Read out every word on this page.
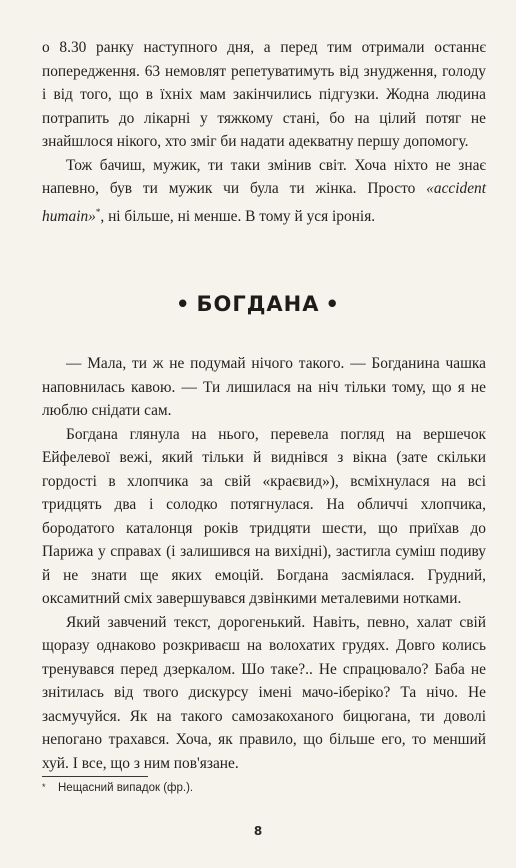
о 8.30 ранку наступного дня, а перед тим отримали останнє попередження. 63 немовлят репетуватимуть від знудження, голоду і від того, що в їхніх мам закінчились підгузки. Жодна людина потрапить до лікарні у тяжкому стані, бо на цілий потяг не знайшлося нікого, хто зміг би надати адекватну першу допомогу.

Тож бачиш, мужик, ти таки змінив світ. Хоча ніхто не знає напевно, був ти мужик чи була ти жінка. Просто «accident humain»*, ні більше, ні менше. В тому й уся іронія.

• БОГДАНА •

— Мала, ти ж не подумай нічого такого. — Богданина чашка наповнилась кавою. — Ти лишилася на ніч тільки тому, що я не люблю снідати сам.

Богдана глянула на нього, перевела погляд на вершечок Ейфелевої вежі, який тільки й виднівся з вікна (зате скільки гордості в хлопчика за свій «краєвид»), всміхнулася на всі тридцять два і солодко потягнулася. На обличчі хлопчика, бородатого каталонця років тридцяти шести, що приїхав до Парижа у справах (і залишився на вихідні), застигла суміш подиву й не знати ще яких емоцій. Богдана засміялася. Грудний, оксамитний сміх завершувався дзвінкими металевими нотками.

Який завчений текст, дорогенький. Навіть, певно, халат свій щоразу однаково розкриваєш на волохатих грудях. Довго колись тренувався перед дзеркалом. Шо таке?.. Не спрацювало? Баба не знітилась від твого дискурсу імені мачо-іберіко? Та нічо. Не засмучуйся. Як на такого самозакоханого бицюгана, ти доволі непогано трахався. Хоча, як правило, що більше его, то менший хуй. І все, що з ним пов'язане.

* Нещасний випадок (фр.).
8
